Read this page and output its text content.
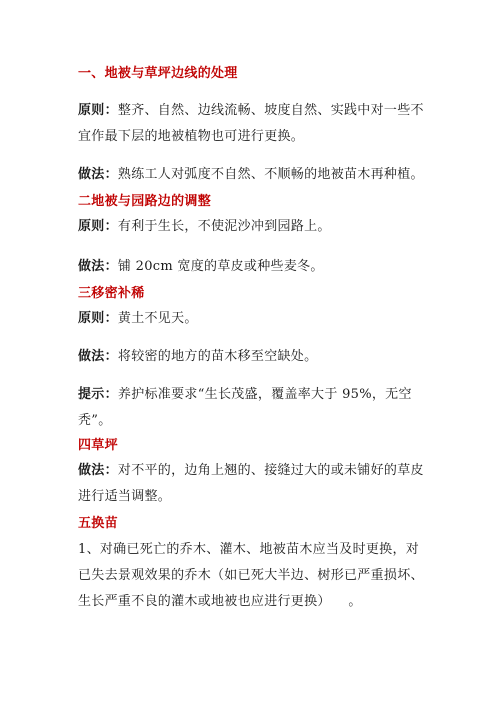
一、地被与草坪边线的处理
原则：整齐、自然、边线流畅、坡度自然、实践中对一些不宜作最下层的地被植物也可进行更换。
做法：熟练工人对弧度不自然、不顺畅的地被苗木再种植。
二地被与园路边的调整
原则：有利于生长，不使泥沙冲到园路上。
做法：铺 20cm 宽度的草皮或种些麦冬。
三移密补稀
原则：黄土不见天。
做法：将较密的地方的苗木移至空缺处。
提示：养护标准要求“生长茂盛，覆盖率大于 95%，无空秃”。
四草坪
做法：对不平的，边角上翘的、接缝过大的或未铺好的草皮进行适当调整。
五换苗
1、对确已死亡的乔木、灌木、地被苗木应当及时更换，对已失去景观效果的乔木（如已死大半边、树形已严重损坏、生长严重不良的灌木或地被也应进行更换）    。
